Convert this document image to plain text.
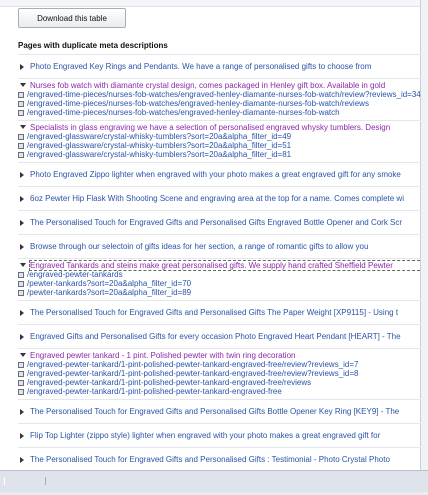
Download this table
Pages with duplicate meta descriptions
Photo Engraved Key Rings and Pendants. We have a range of personalised gifts to choose from
Nurses fob watch with diamante crystal design, comes packaged in Henley gift box. Available in gold
/engraved-time-pieces/nurses-fob-watches/engraved-henley-diamante-nurses-fob-watch/review?reviews_id=34
/engraved-time-pieces/nurses-fob-watches/engraved-henley-diamante-nurses-fob-watch/reviews
/engraved-time-pieces/nurses-fob-watches/engraved-henley-diamante-nurses-fob-watch
Specialists in glass engraving we have a selection of personalised engraved whysky tumblers. Design
/engraved-glassware/crystal-whisky-tumblers?sort=20a&alpha_filter_id=49
/engraved-glassware/crystal-whisky-tumblers?sort=20a&alpha_filter_id=51
/engraved-glassware/crystal-whisky-tumblers?sort=20a&alpha_filter_id=81
Photo Engraved Zippo lighter when engraved with your photo makes a great engraved gift for any smoke
6oz Pewter Hip Flask With Shooting Scene and engraving area at the top for a name. Comes complete wi
The Personalised Touch for Engraved Gifts and Personalised Gifts Engraved Bottle Opener and Cork Scr
Browse through our selectoin of gifts ideas for her section, a range of romantic gifts to allow you
Engraved Tankards and steins make great personalised gifts. We supply hand crafted Sheffield Pewter
/engraved-pewter-tankards
/pewter-tankards?sort=20a&alpha_filter_id=70
/pewter-tankards?sort=20a&alpha_filter_id=89
The Personalised Touch for Engraved Gifts and Personalised Gifts The Paper Weight [XP9115] - Using t
Engraved Gifts and Personalised Gifts for every occasion Photo Engraved Heart Pendant [HEART] - The
Engraved pewter tankard - 1 pint. Polished pewter with twin ring decoration
/engraved-pewter-tankard/1-pint-polished-pewter-tankard-engraved-free/review?reviews_id=7
/engraved-pewter-tankard/1-pint-polished-pewter-tankard-engraved-free/review?reviews_id=8
/engraved-pewter-tankard/1-pint-polished-pewter-tankard-engraved-free/reviews
/engraved-pewter-tankard/1-pint-polished-pewter-tankard-engraved-free
The Personalised Touch for Engraved Gifts and Personalised Gifts Bottle Opener Key Ring [KEY9] - The
Flip Top Lighter (zippo style) lighter when engraved with your photo makes a great engraved gift for
The Personalised Touch for Engraved Gifts and Personalised Gifts : Testimonial - Photo Crystal Photo
